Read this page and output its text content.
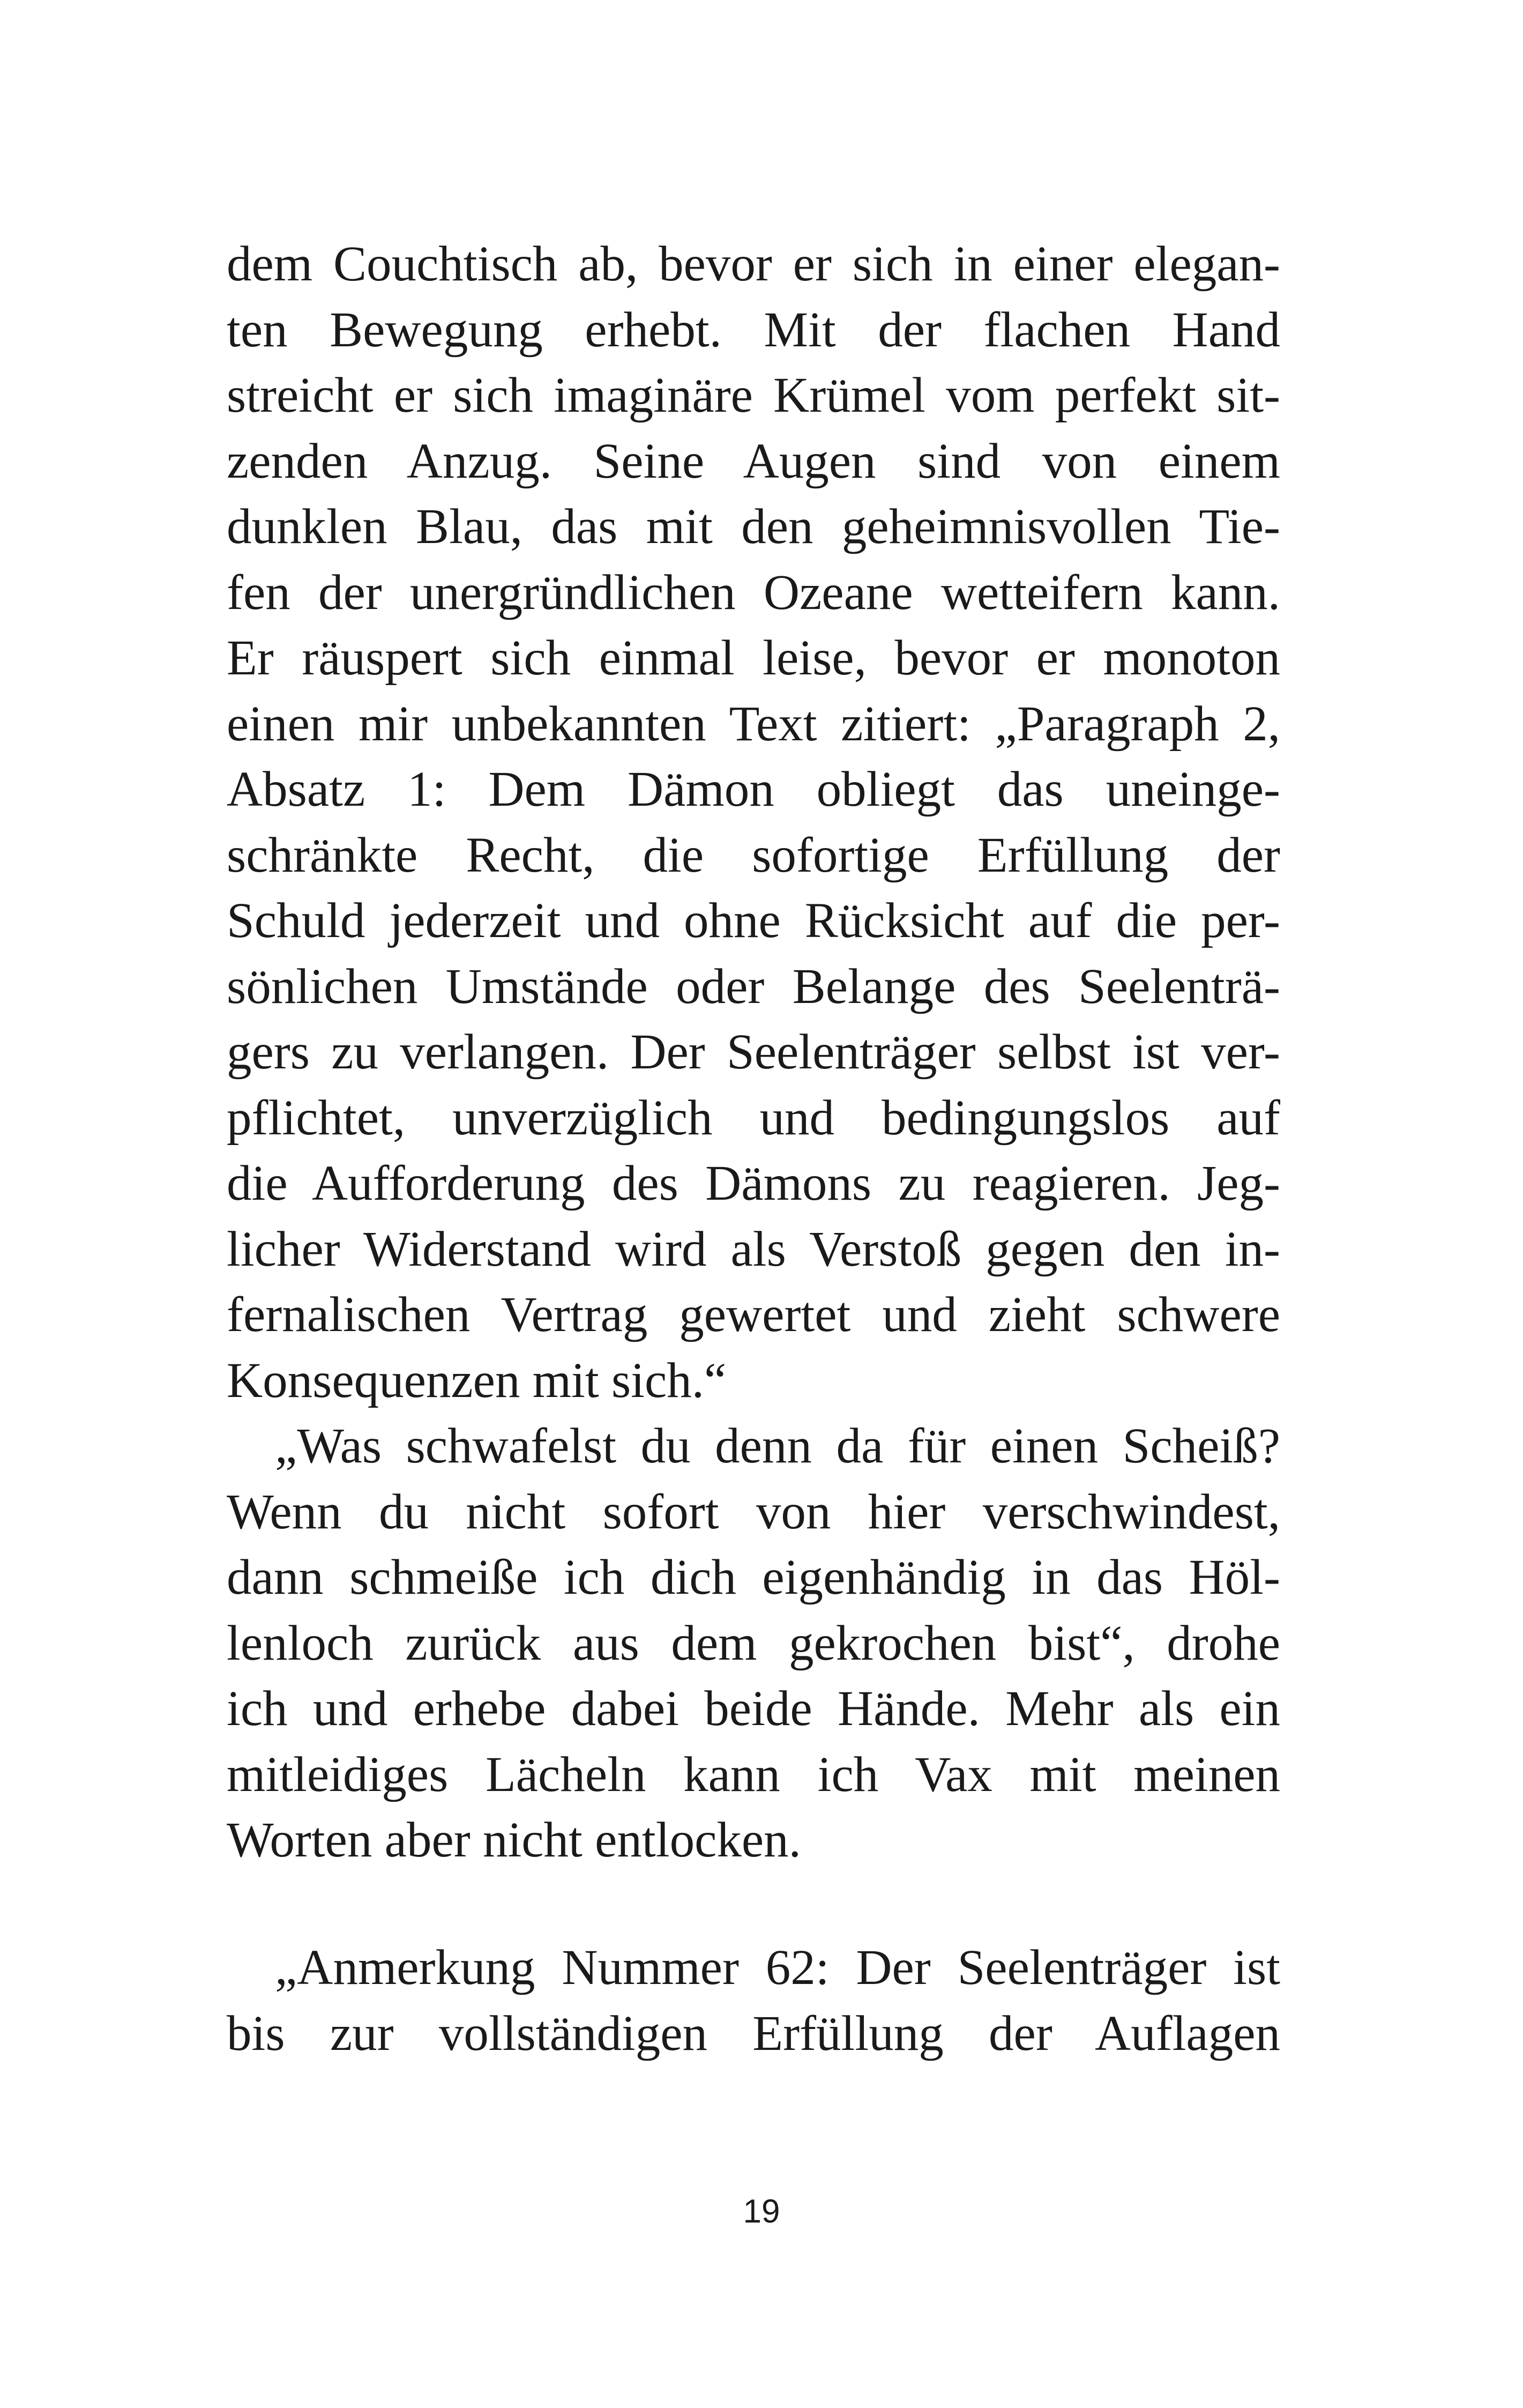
dem Couchtisch ab, bevor er sich in einer elegan-
ten Bewegung erhebt. Mit der flachen Hand
streicht er sich imaginäre Krümel vom perfekt sit-
zenden Anzug. Seine Augen sind von einem
dunklen Blau, das mit den geheimnisvollen Tie-
fen der unergründlichen Ozeane wetteifern kann.
Er räuspert sich einmal leise, bevor er monoton
einen mir unbekannten Text zitiert: „Paragraph 2,
Absatz 1: Dem Dämon obliegt das uneinge-
schränkte Recht, die sofortige Erfüllung der
Schuld jederzeit und ohne Rücksicht auf die per-
sönlichen Umstände oder Belange des Seelenträ-
gers zu verlangen. Der Seelenträger selbst ist ver-
pflichtet, unverzüglich und bedingungslos auf
die Aufforderung des Dämons zu reagieren. Jeg-
licher Widerstand wird als Verstoß gegen den in-
fernalischen Vertrag gewertet und zieht schwere
Konsequenzen mit sich.“
„Was schwafelst du denn da für einen Scheiß?
Wenn du nicht sofort von hier verschwindest,
dann schmeiße ich dich eigenhändig in das Höl-
lenloch zurück aus dem gekrochen bist“, drohe
ich und erhebe dabei beide Hände. Mehr als ein
mitleidiges Lächeln kann ich Vax mit meinen
Worten aber nicht entlocken.
„Anmerkung Nummer 62: Der Seelenträger ist
bis zur vollständigen Erfüllung der Auflagen
19
